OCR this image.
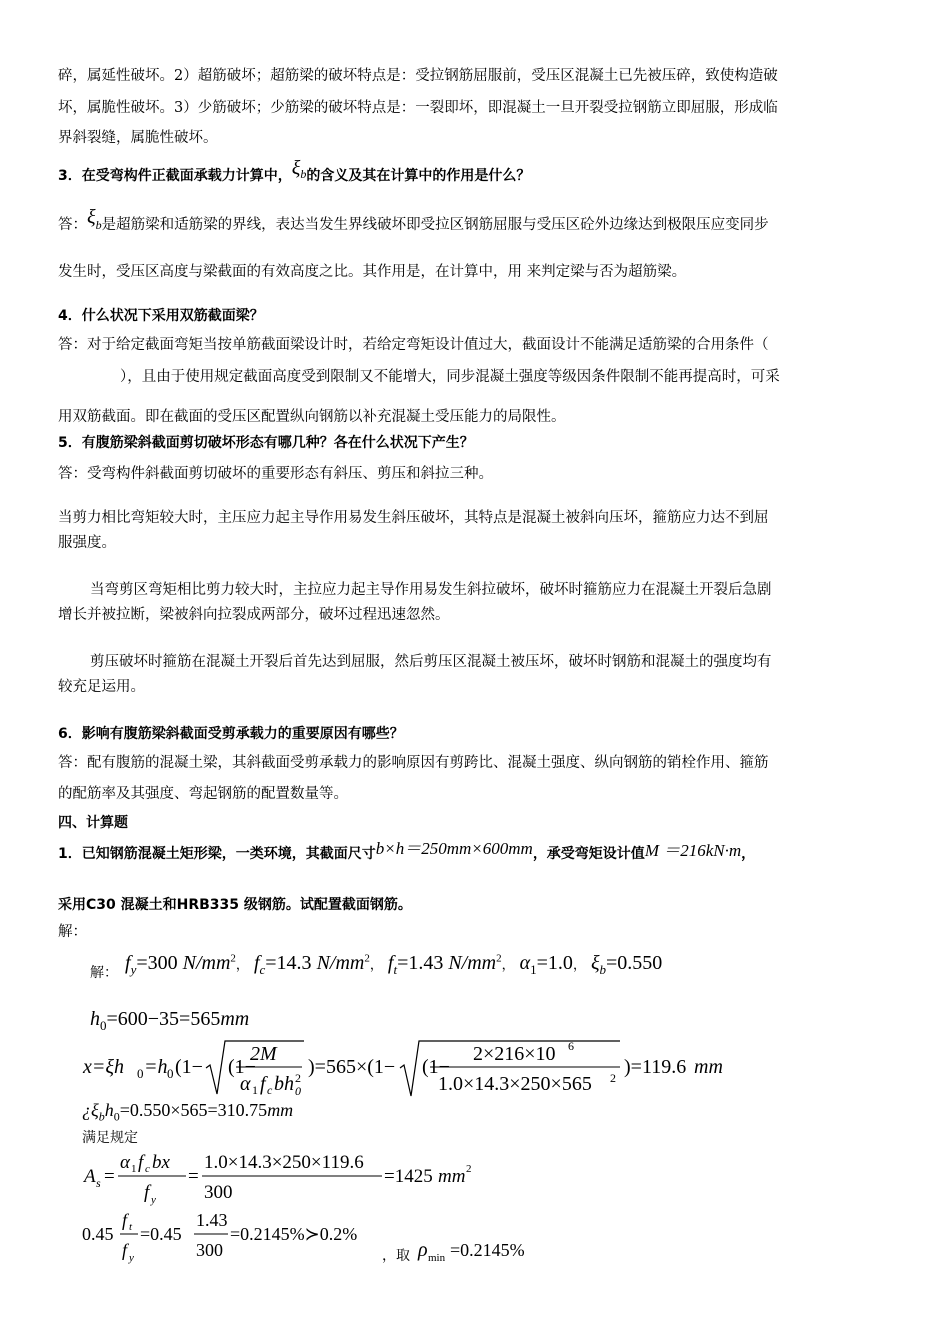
碎，属延性破坏。2）超筋破坏；超筋梁的破坏特点是：受拉钢筋屈服前，受压区混凝土已先被压碎，致使构造破
坏，属脆性破坏。3）少筋破坏；少筋梁的破坏特点是：一裂即坏，即混凝土一旦开裂受拉钢筋立即屈服，形成临
界斜裂缝，属脆性破坏。
3．在受弯构件正截面承载力计算中，$\xi_b$的含义及其在计算中的作用是什么？
答：$\xi_b$是超筋梁和适筋梁的界线，表达当发生界线破坏即受拉区钢筋屈服与受压区砼外边缘达到极限压应变同步
发生时，受压区高度与梁截面的有效高度之比。其作用是，在计算中，用 来判定梁与否为超筋梁。
4．什么状况下采用双筋截面梁？
答：对于给定截面弯矩当按单筋截面梁设计时，若给定弯矩设计值过大，截面设计不能满足适筋梁的合用条件（
），且由于使用规定截面高度受到限制又不能增大，同步混凝土强度等级因条件限制不能再提高时，可采
用双筋截面。即在截面的受压区配置纵向钢筋以补充混凝土受压能力的局限性。
5．有腹筋梁斜截面剪切破坏形态有哪几种？各在什么状况下产生？
答：受弯构件斜截面剪切破坏的重要形态有斜压、剪压和斜拉三种。
当剪力相比弯矩较大时，主压应力起主导作用易发生斜压破坏，其特点是混凝土被斜向压坏，箍筋应力达不到屈
服强度。
当弯剪区弯矩相比剪力较大时，主拉应力起主导作用易发生斜拉破坏，破坏时箍筋应力在混凝土开裂后急剧
增长并被拉断，梁被斜向拉裂成两部分，破坏过程迅速忽然。
剪压破坏时箍筋在混凝土开裂后首先达到屈服，然后剪压区混凝土被压坏，破坏时钢筋和混凝土的强度均有
较充足运用。
6．影响有腹筋梁斜截面受剪承载力的重要原因有哪些？
答：配有腹筋的混凝土梁，其斜截面受剪承载力的影响原因有剪跨比、混凝土强度、纵向钢筋的销栓作用、箍筋
的配筋率及其强度、弯起钢筋的配置数量等。
四、计算题
1．已知钢筋混凝土矩形梁，一类环境，其截面尺寸b×h＝250mm×600mm，承受弯矩设计值M ＝216kN·m，
采用C30 混凝土和HRB335 级钢筋。试配置截面钢筋。
解：
解： $f_y=300$ $N/mm^2$， $f_c=14.3$ $N/mm^2$， $f_t=1.43$ $N/mm^2$， $\alpha_1=1.0$， $\xi_b=0.550$
$h_0=600-35=565mm$
x=ξh 0 =h 0 (1− (1−
2M
α 1 f c bh 2
0
)=565×(1− (1−
2×216×10 6
1.0×14.3×250×565 2 )=119.6 mm
¿$\xi_bh_0=0.550\times 565=310.75mm$
满足规定
A s =
α 1 f c bx
f y
=
1.0×14.3×250×119.6
300
=1425 mm 2
0.45
f t
f y
=0.45
1.43
300
=0.2145%≻0.2%
，取 ρ min =0.2145%
